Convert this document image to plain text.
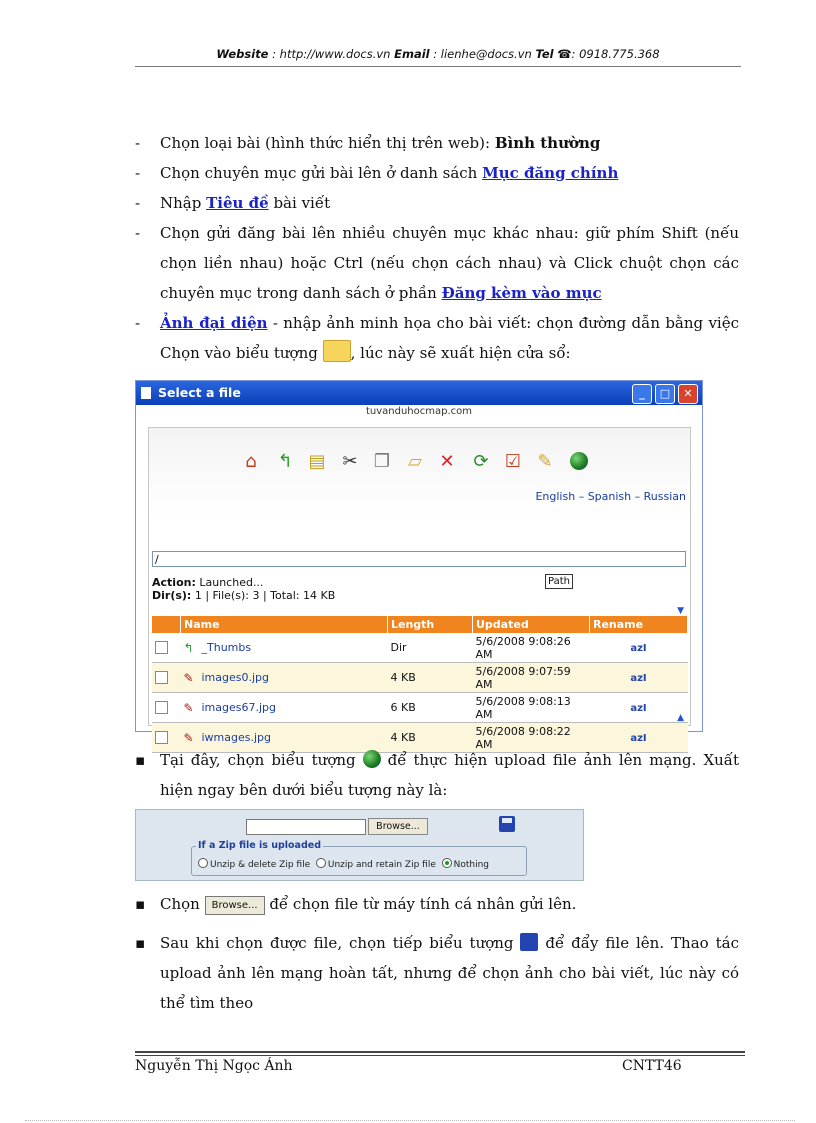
Website : http://www.docs.vn Email : lienhe@docs.vn Tel ☎: 0918.775.368
-	Chọn loại bài (hình thức hiển thị trên web): Bình thường
-	Chọn chuyên mục gửi bài lên ở danh sách Mục đăng chính
-	Nhập Tiêu đề bài viết
-	Chọn gửi đăng bài lên nhiều chuyên mục khác nhau: giữ phím Shift (nếu chọn liền nhau) hoặc Ctrl (nếu chọn cách nhau) và Click chuột chọn các chuyên mục trong danh sách ở phần Đăng kèm vào mục
-	Ảnh đại diện - nhập ảnh minh họa cho bài viết: chọn đường dẫn bằng việc Chọn vào biểu tượng , lúc này sẽ xuất hiện cửa sổ:
Select a file	_	□	✕
tuvanduhocmap.com
⌂ ↰ ▤ ✂ ❐ ▱ ✕ ⟳ ☑ ✎
English – Spanish – Russian
/
Action: Launched...
Dir(s): 1 | File(s): 3 | Total: 14 KB
Path
▼
	Name	Length	Updated	Rename
	↰ _Thumbs	Dir	5/6/2008 9:08:26 AM	azI
	✎ images0.jpg	4 KB	5/6/2008 9:07:59 AM	azI
	✎ images67.jpg	6 KB	5/6/2008 9:08:13 AM	azI
	✎ iwmages.jpg	4 KB	5/6/2008 9:08:22 AM	azI
▲
▪ Tại đây, chọn biểu tượng  để thực hiện upload file ảnh lên mạng. Xuất hiện ngay bên dưới biểu tượng này là:
Browse...
If a Zip file is uploaded
Unzip & delete Zip file Unzip and retain Zip file Nothing
▪ Chọn Browse... để chọn file từ máy tính cá nhân gửi lên.
▪ Sau khi chọn được file, chọn tiếp biểu tượng  để đẩy file lên. Thao tác upload ảnh lên mạng hoàn tất, nhưng để chọn ảnh cho bài viết, lúc này có thể tìm theo
Nguyễn Thị Ngọc Ánh	CNTT46
